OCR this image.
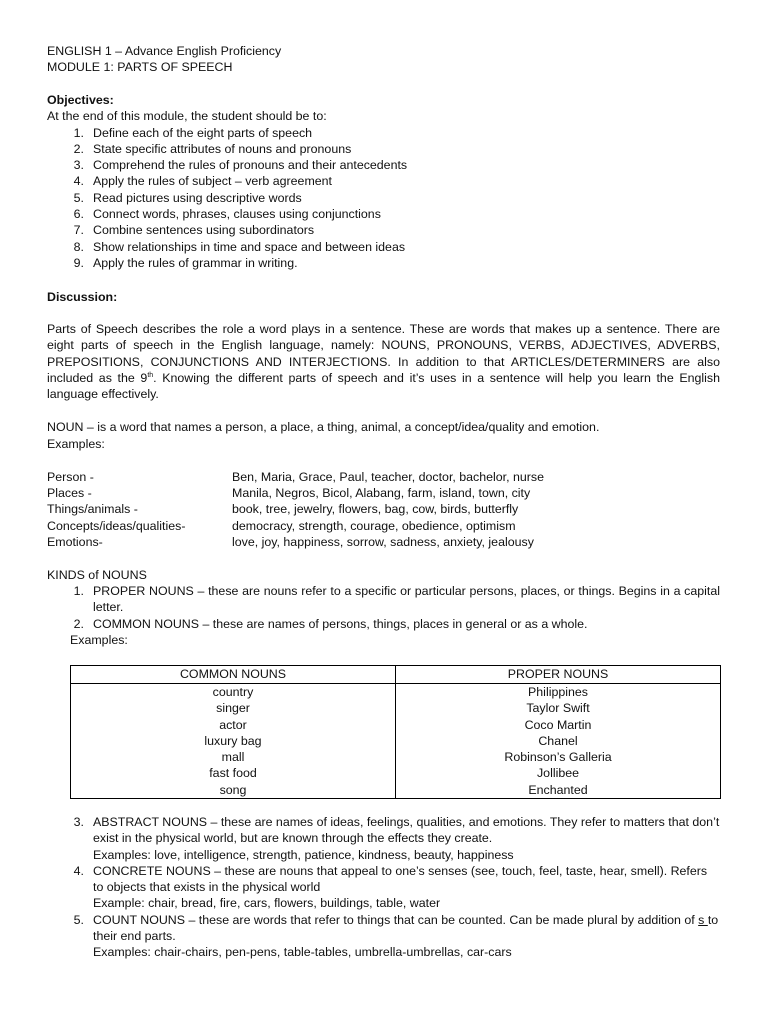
ENGLISH 1 – Advance English Proficiency
MODULE 1: PARTS OF SPEECH
Objectives:
At the end of this module, the student should be to:
1. Define each of the eight parts of speech
2. State specific attributes of nouns and pronouns
3. Comprehend the rules of pronouns and their antecedents
4. Apply the rules of subject – verb agreement
5. Read pictures using descriptive words
6. Connect words, phrases, clauses using conjunctions
7. Combine sentences using subordinators
8. Show relationships in time and space and between ideas
9. Apply the rules of grammar in writing.
Discussion:
Parts of Speech describes the role a word plays in a sentence. These are words that makes up a sentence. There are eight parts of speech in the English language, namely: NOUNS, PRONOUNS, VERBS, ADJECTIVES, ADVERBS, PREPOSITIONS, CONJUNCTIONS AND INTERJECTIONS. In addition to that ARTICLES/DETERMINERS are also included as the 9th. Knowing the different parts of speech and it’s uses in a sentence will help you learn the English language effectively.
NOUN – is a word that names a person, a place, a thing, animal, a concept/idea/quality and emotion.
Examples:
Person -	Ben, Maria, Grace, Paul, teacher, doctor, bachelor, nurse
Places -	Manila, Negros, Bicol, Alabang, farm, island, town, city
Things/animals -	book, tree, jewelry, flowers, bag, cow, birds, butterfly
Concepts/ideas/qualities-	democracy, strength, courage, obedience, optimism
Emotions-	love, joy, happiness, sorrow, sadness, anxiety, jealousy
KINDS of NOUNS
1. PROPER NOUNS – these are nouns refer to a specific or particular persons, places, or things. Begins in a capital letter.
2. COMMON NOUNS – these are names of persons, things, places in general or as a whole.
Examples:
COMMON NOUNS	PROPER NOUNS
country	Philippines
singer	Taylor Swift
actor	Coco Martin
luxury bag	Chanel
mall	Robinson’s Galleria
fast food	Jollibee
song	Enchanted
3. ABSTRACT NOUNS – these are names of ideas, feelings, qualities, and emotions. They refer to matters that don’t exist in the physical world, but are known through the effects they create.
Examples: love, intelligence, strength, patience, kindness, beauty, happiness
4. CONCRETE NOUNS – these are nouns that appeal to one’s senses (see, touch, feel, taste, hear, smell). Refers to objects that exists in the physical world
Example: chair, bread, fire, cars, flowers, buildings, table, water
5. COUNT NOUNS – these are words that refer to things that can be counted. Can be made plural by addition of s to their end parts.
Examples: chair-chairs, pen-pens, table-tables, umbrella-umbrellas, car-cars
